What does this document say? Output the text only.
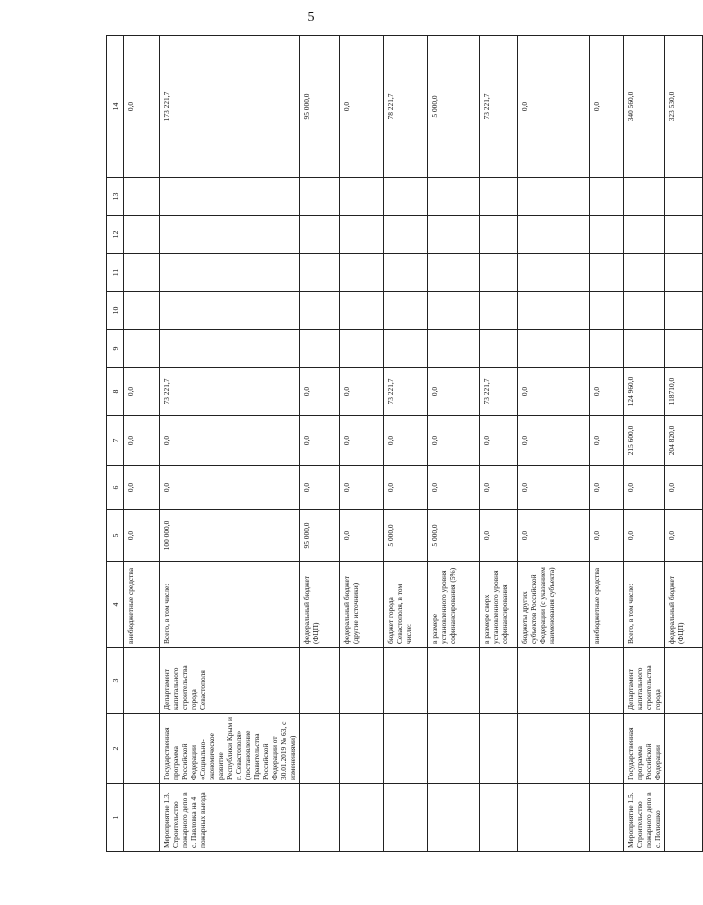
5
1	2	3	4	5	6	7	8	9	10	11	12	13	14
			внебюджетные средства	0,0	0,0	0,0	0,0						0,0
Мероприятие 1.3. Строительство пожарного депо в с. Павловка на 4 пожарных выезда	Государственная программа Российской Федерации «Социально-экономическое развитие Республики Крым и г. Севастополя» (постановление Правительства Российской Федерации от 30.01.2019 № 63, с изменениями)	Департамент капитального строительства города Севастополя	Всего, в том числе:	100 000,0	0,0	0,0	73 221,7						173 221,7
			федеральный бюджет (ФЦП)	95 000,0	0,0	0,0	0,0						95 000,0
			федеральный бюджет (другие источники)	0,0	0,0	0,0	0,0						0,0
			бюджет города Севастополя, в том числе:	5 000,0	0,0	0,0	73 221,7						78 221,7
			в размере установленного уровня софинансирования (5%)	5 000,0	0,0	0,0	0,0						5 000,0
			в размере сверх установленного уровня софинансирования	0,0	0,0	0,0	73 221,7						73 221,7
			бюджеты других субъектов Российской Федерации (с указанием наименования субъекта)	0,0	0,0	0,0	0,0						0,0
			внебюджетные средства	0,0	0,0	0,0	0,0						0,0
Мероприятие 1.5. Строительство пожарного депо в с. Полюшко	Государственная программа Российской Федерации	Департамент капитального строительства города	Всего, в том числе:	0,0	0,0	215 600,0	124 960,0						340 560,0
			федеральный бюджет (ФЦП)	0,0	0,0	204 820,0	118710,0						323 530,0
